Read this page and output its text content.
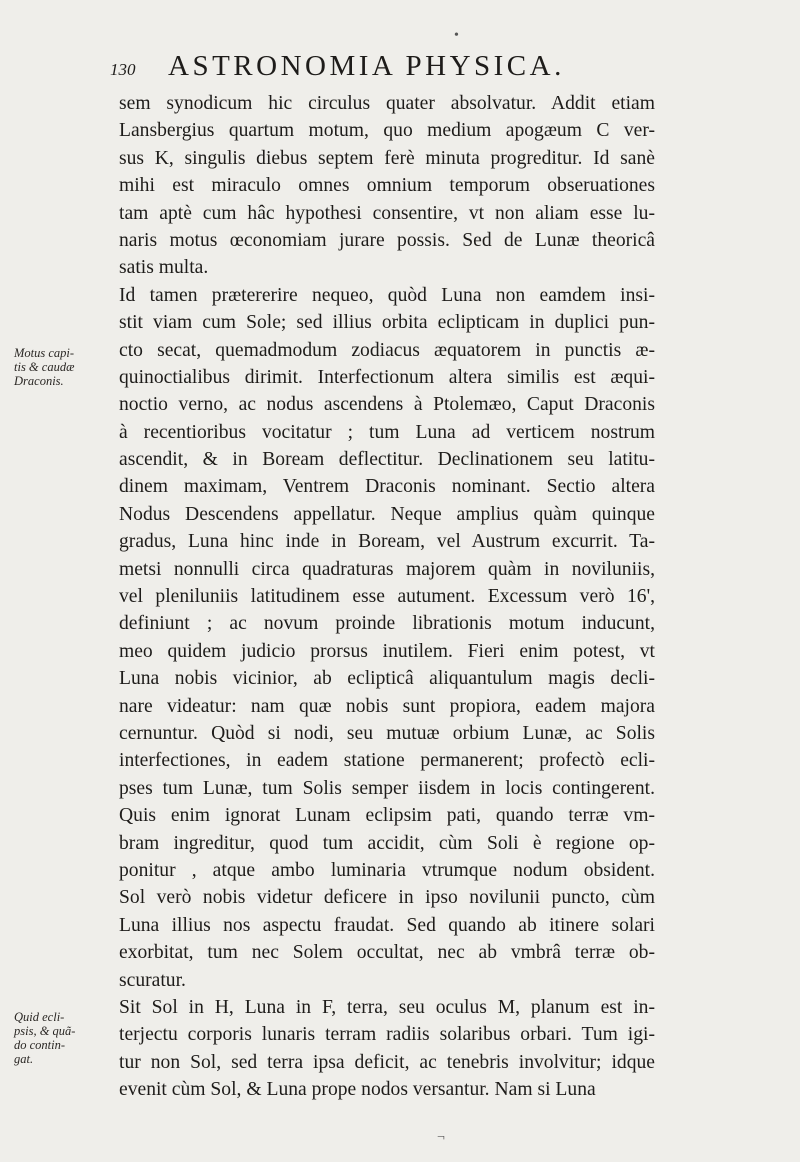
•
130 ASTRONOMIA PHYSICA.
Motus capi-
tis & caudæ
Draconis.
Quid ecli-
psis, & quã-
do contin-
gat.
sem synodicum hic circulus quater absolvatur. Addit etiam
Lansbergius quartum motum, quo medium apogæum C ver-
sus K, singulis diebus septem ferè minuta progreditur. Id sanè
mihi est miraculo omnes omnium temporum obseruationes
tam aptè cum hâc hypothesi consentire, vt non aliam esse lu-
naris motus œconomiam jurare possis. Sed de Lunæ theoricâ
satis multa.
Id tamen prætererire nequeo, quòd Luna non eamdem insi-
stit viam cum Sole; sed illius orbita eclipticam in duplici pun-
cto secat, quemadmodum zodiacus æquatorem in punctis æ-
quinoctialibus dirimit. Interfectionum altera similis est æqui-
noctio verno, ac nodus ascendens à Ptolemæo, Caput Draconis
à recentioribus vocitatur ; tum Luna ad verticem nostrum
ascendit, & in Boream deflectitur. Declinationem seu latitu-
dinem maximam, Ventrem Draconis nominant. Sectio altera
Nodus Descendens appellatur. Neque amplius quàm quinque
gradus, Luna hinc inde in Boream, vel Austrum excurrit. Ta-
metsi nonnulli circa quadraturas majorem quàm in noviluniis,
vel pleniluniis latitudinem esse autument. Excessum verò 16',
definiunt ; ac novum proinde librationis motum inducunt,
meo quidem judicio prorsus inutilem. Fieri enim potest, vt
Luna nobis vicinior, ab eclipticâ aliquantulum magis decli-
nare videatur: nam quæ nobis sunt propiora, eadem majora
cernuntur. Quòd si nodi, seu mutuæ orbium Lunæ, ac Solis
interfectiones, in eadem statione permanerent; profectò ecli-
pses tum Lunæ, tum Solis semper iisdem in locis contingerent.
Quis enim ignorat Lunam eclipsim pati, quando terræ vm-
bram ingreditur, quod tum accidit, cùm Soli è regione op-
ponitur , atque ambo luminaria vtrumque nodum obsident.
Sol verò nobis videtur deficere in ipso novilunii puncto, cùm
Luna illius nos aspectu fraudat. Sed quando ab itinere solari
exorbitat, tum nec Solem occultat, nec ab vmbrâ terræ ob-
scuratur.
Sit Sol in H, Luna in F, terra, seu oculus M, planum est in-
terjectu corporis lunaris terram radiis solaribus orbari. Tum igi-
tur non Sol, sed terra ipsa deficit, ac tenebris involvitur; idque
evenit cùm Sol, & Luna prope nodos versantur. Nam si Luna
¬
